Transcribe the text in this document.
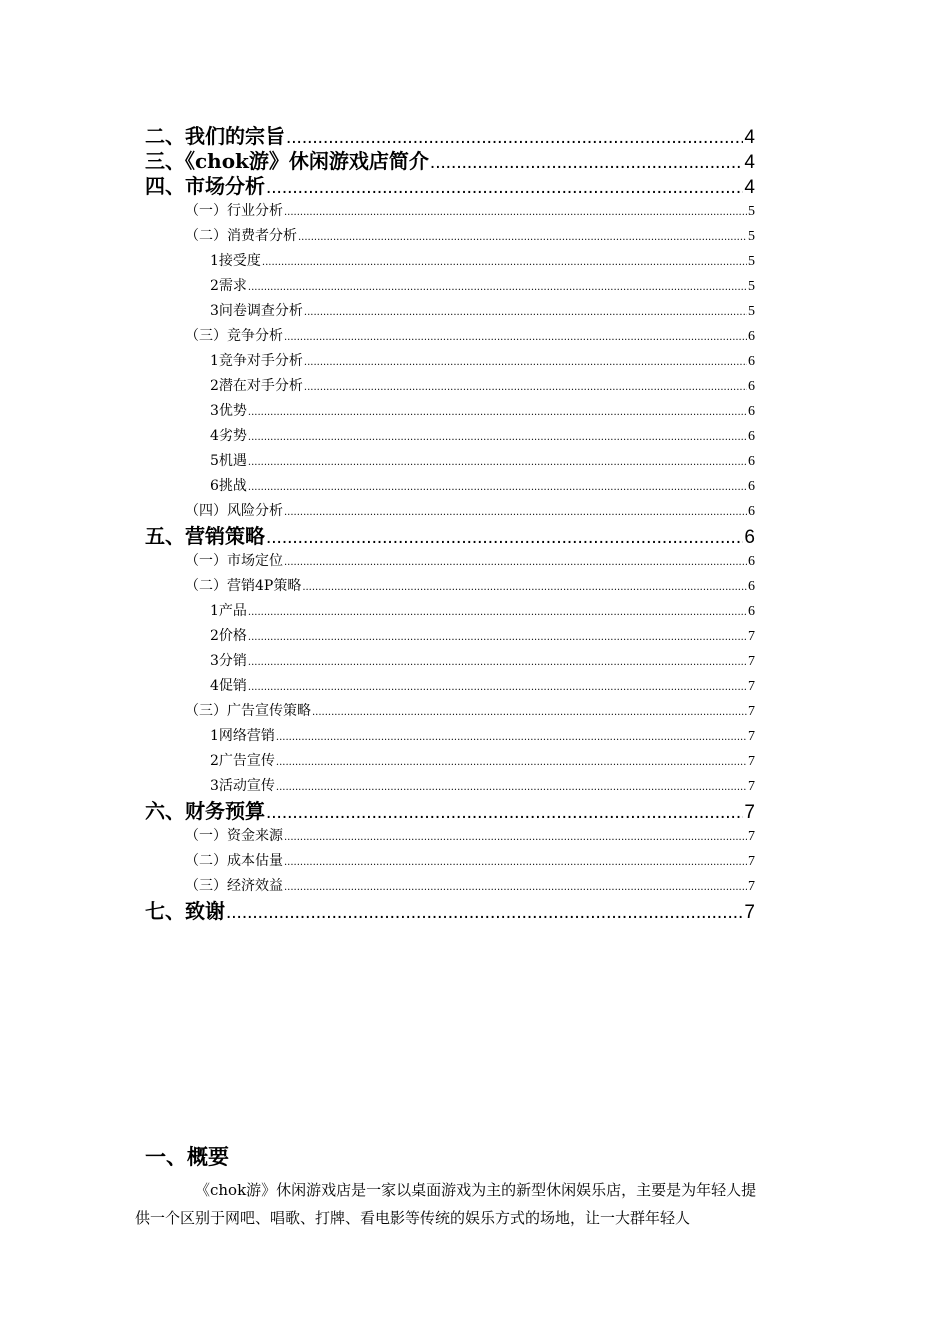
二、我们的宗旨 .....	4
三、《chok游》休闲游戏店简介 .....	4
四、市场分析 .....	4
（一）行业分析 .....	5
（二）消费者分析 .....	5
1接受度 .....	5
2需求 .....	5
3问卷调查分析 .....	5
（三）竞争分析 .....	6
1竞争对手分析 .....	6
2潜在对手分析 .....	6
3优势 .....	6
4劣势 .....	6
5机遇 .....	6
6挑战 .....	6
（四）风险分析 .....	6
五、营销策略 .....	6
（一）市场定位 .....	6
（二）营销4P策略 .....	6
1产品 .....	6
2价格 .....	7
3分销 .....	7
4促销 .....	7
（三）广告宣传策略 .....	7
1网络营销 .....	7
2广告宣传 .....	7
3活动宣传 .....	7
六、财务预算 .....	7
（一）资金来源 .....	7
（二）成本估量 .....	7
（三）经济效益 .....	7
七、致谢 .....	7
一、概要

《chok游》休闲游戏店是一家以桌面游戏为主的新型休闲娱乐店，主要是为年轻人提
供一个区别于网吧、唱歌、打牌、看电影等传统的娱乐方式的场地，让一大群年轻人
